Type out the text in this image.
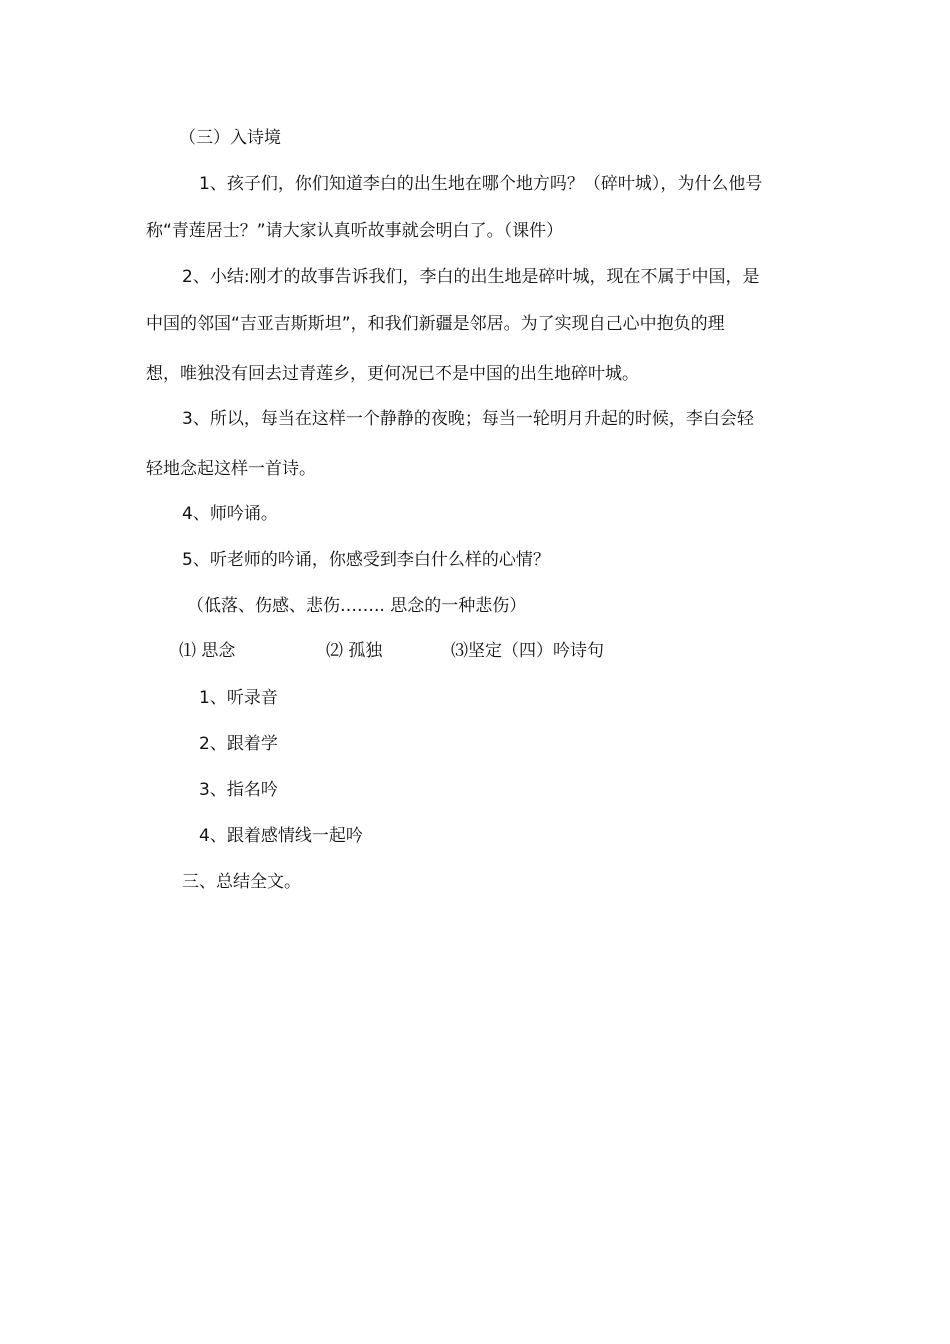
（三）入诗境
1、孩子们，你们知道李白的出生地在哪个地方吗？（碎叶城），为什么他号
称“青莲居士？”请大家认真听故事就会明白了。（课件）
2、小结:刚才的故事告诉我们，李白的出生地是碎叶城，现在不属于中国，是
中国的邻国“吉亚吉斯斯坦”，和我们新疆是邻居。为了实现自己心中抱负的理
想，唯独没有回去过青莲乡，更何况已不是中国的出生地碎叶城。
3、所以，每当在这样一个静静的夜晚；每当一轮明月升起的时候，李白会轻
轻地念起这样一首诗。
4、师吟诵。
5、听老师的吟诵，你感受到李白什么样的心情？
（低落、伤感、悲伤…….. 思念的一种悲伤）
⑴ 思念	⑵ 孤独	⑶坚定（四）吟诗句
1、听录音
2、跟着学
3、指名吟
4、跟着感情线一起吟
三、总结全文。
